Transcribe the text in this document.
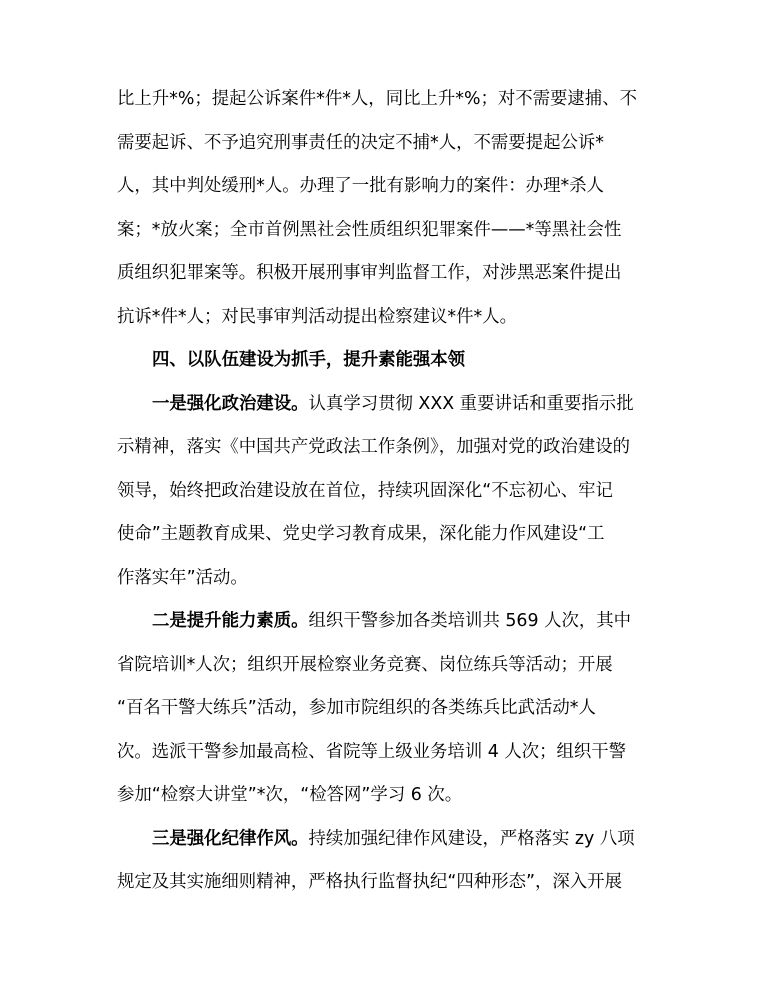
比上升*%；提起公诉案件*件*人，同比上升*%；对不需要逮捕、不
需要起诉、不予追究刑事责任的决定不捕*人，不需要提起公诉*
人，其中判处缓刑*人。办理了一批有影响力的案件：办理*杀人
案；*放火案；全市首例黑社会性质组织犯罪案件——*等黑社会性
质组织犯罪案等。积极开展刑事审判监督工作，对涉黑恶案件提出
抗诉*件*人；对民事审判活动提出检察建议*件*人。
四、以队伍建设为抓手，提升素能强本领
一是强化政治建设。认真学习贯彻 XXX 重要讲话和重要指示批
示精神，落实《中国共产党政法工作条例》，加强对党的政治建设的
领导，始终把政治建设放在首位，持续巩固深化“不忘初心、牢记
使命”主题教育成果、党史学习教育成果，深化能力作风建设“工
作落实年”活动。
二是提升能力素质。组织干警参加各类培训共 569 人次，其中
省院培训*人次；组织开展检察业务竞赛、岗位练兵等活动；开展
“百名干警大练兵”活动，参加市院组织的各类练兵比武活动*人
次。选派干警参加最高检、省院等上级业务培训 4 人次；组织干警
参加“检察大讲堂”*次，“检答网”学习 6 次。
三是强化纪律作风。持续加强纪律作风建设，严格落实 zy 八项
规定及其实施细则精神，严格执行监督执纪“四种形态”，深入开展
